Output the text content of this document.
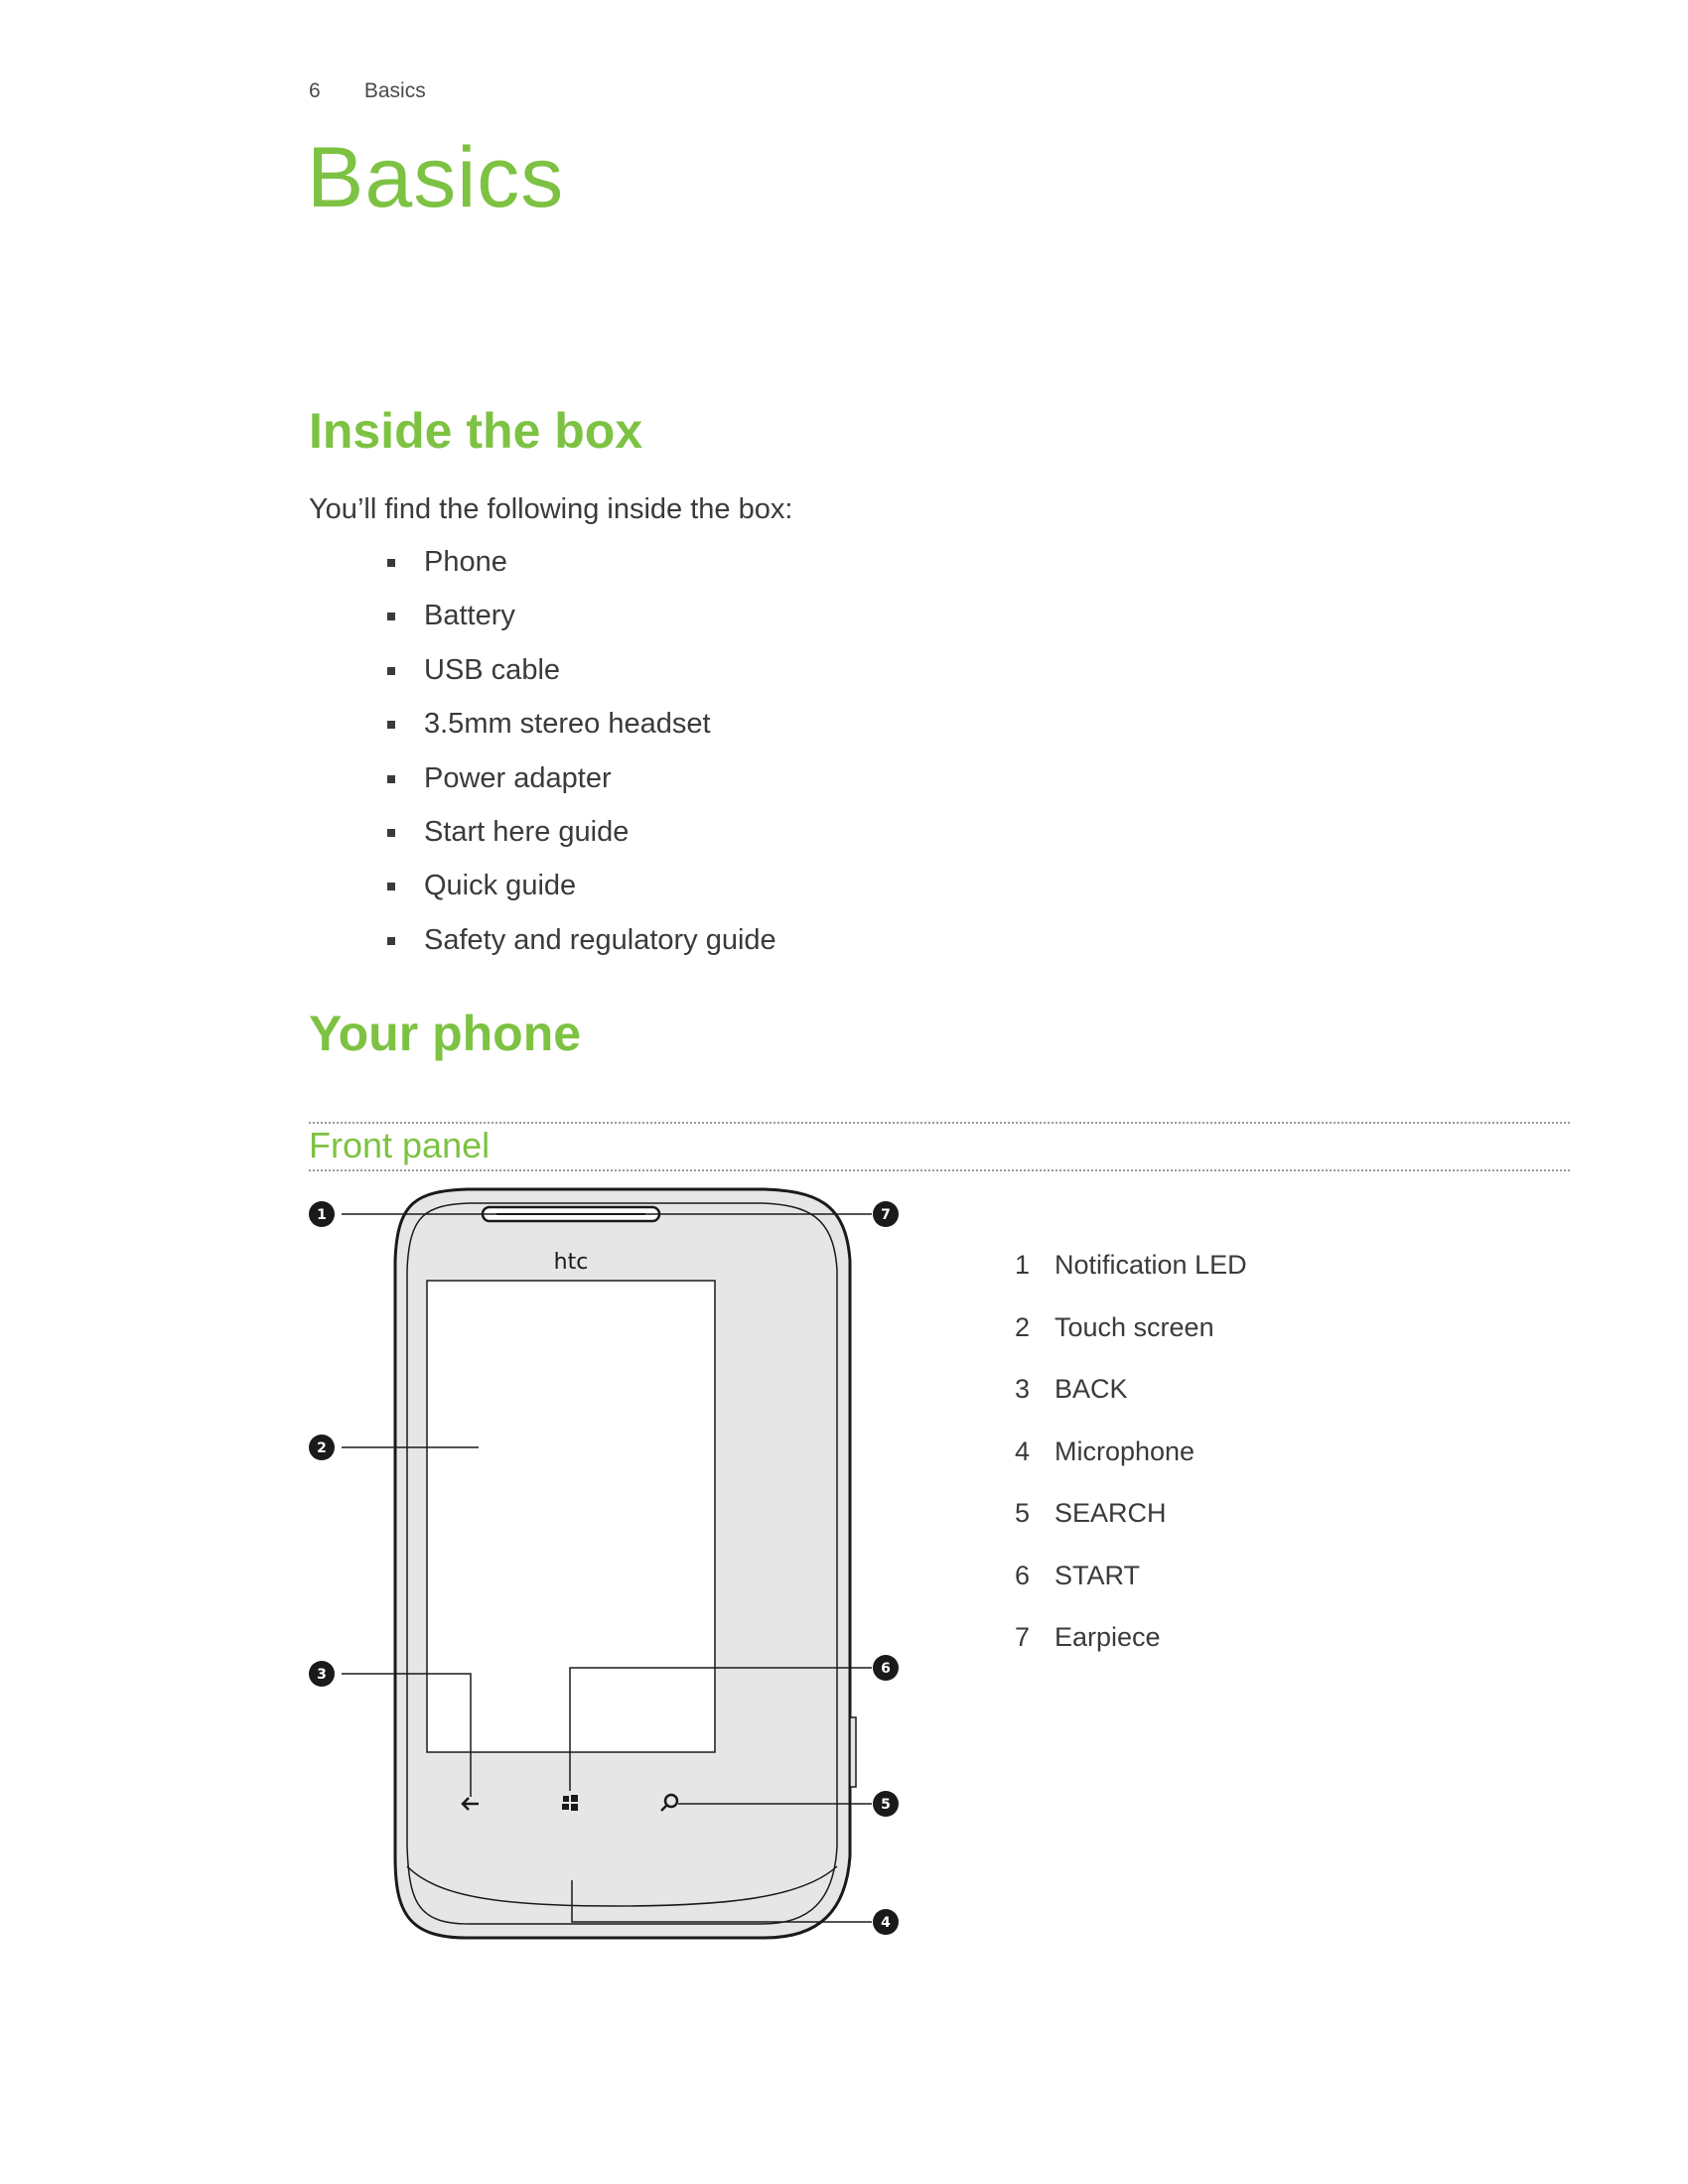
6 Basics
Basics
Inside the box
You’ll find the following inside the box:
Phone
Battery
USB cable
3.5mm stereo headset
Power adapter
Start here guide
Quick guide
Safety and regulatory guide
Your phone
Front panel
htc
1	7
2
3	6
5
4
1 Notification LED
2 Touch screen
3 BACK
4 Microphone
5 SEARCH
6 START
7 Earpiece
